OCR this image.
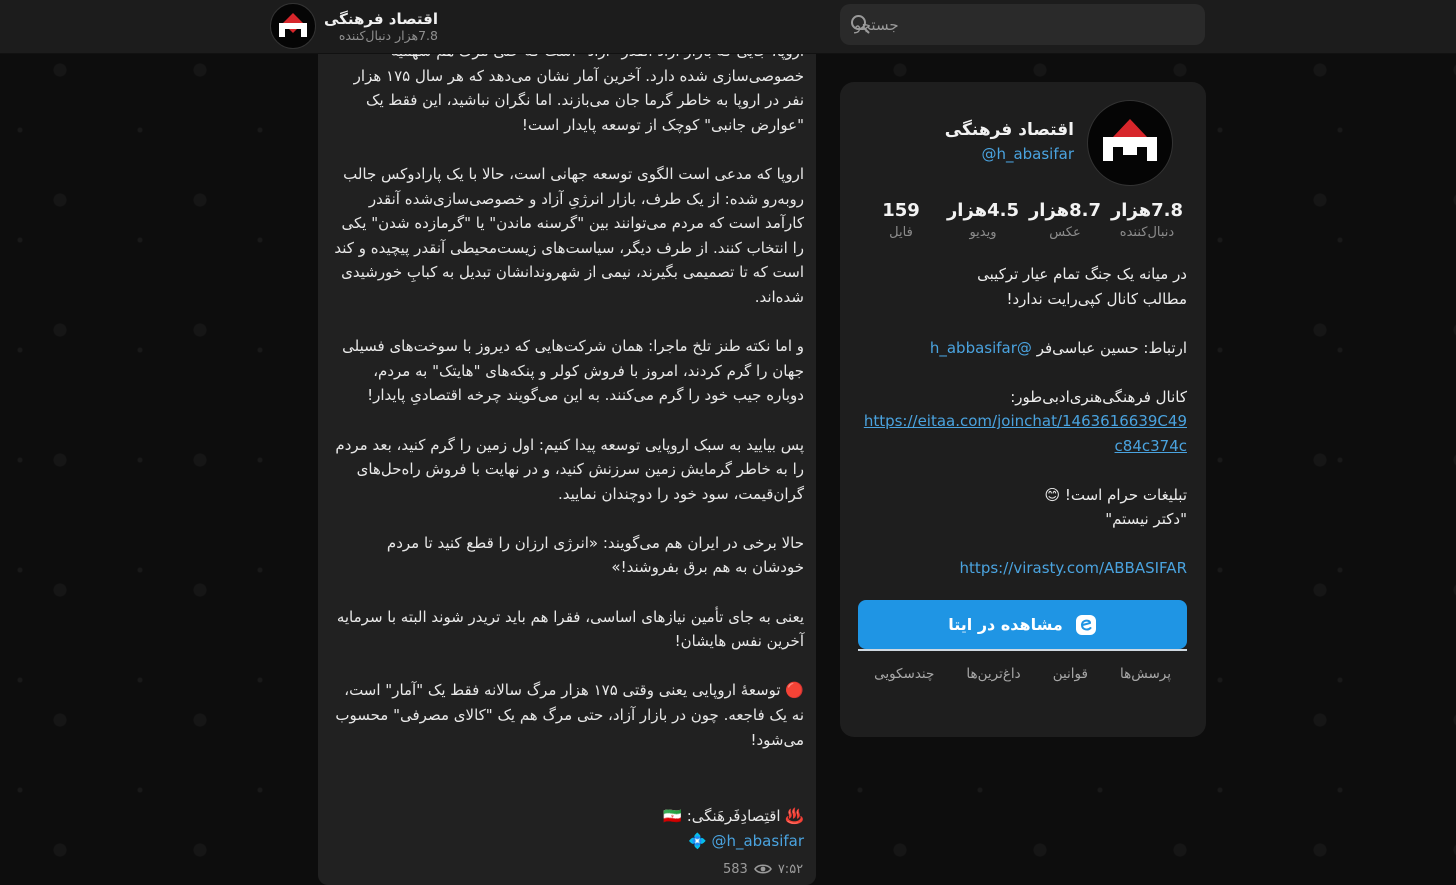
اقتصاد فرهنگی
7.8هزار دنبال‌کننده
جستجو

خصوصی‌سازی شده دارد. آخرین آمار نشان می‌دهد که هر سال ۱۷۵ هزار نفر در اروپا به خاطر گرما جان می‌بازند. اما نگران نباشید، این فقط یک "عوارض جانبی" کوچک از توسعه پایدار است!

اروپا که مدعی است الگوی توسعه جهانی است، حالا با یک پارادوکس جالب روبه‌رو شده: از یک طرف، بازار انرژیِ آزاد و خصوصی‌سازی‌شده آنقدر کارآمد است که مردم می‌توانند بین "گرسنه ماندن" یا "گرمازده شدن" یکی را انتخاب کنند. از طرف دیگر، سیاست‌های زیست‌محیطی آنقدر پیچیده و کند است که تا تصمیمی بگیرند، نیمی از شهروندانشان تبدیل به کبابِ خورشیدی شده‌اند.

و اما نکته طنز تلخ ماجرا: همان شرکت‌هایی که دیروز با سوخت‌های فسیلی جهان را گرم کردند، امروز با فروش کولر و پنکه‌های "هایتک" به مردم، دوباره جیب خود را گرم می‌کنند. به این می‌گویند چرخه اقتصادیِ پایدار!

پس بیایید به سبک اروپایی توسعه پیدا کنیم: اول زمین را گرم کنید، بعد مردم را به خاطر گرمایش زمین سرزنش کنید، و در نهایت با فروش راه‌حل‌های گران‌قیمت، سود خود را دوچندان نمایید.

حالا برخی در ایران هم می‌گویند: «انرژی ارزان را قطع کنید تا مردم خودشان به هم برق بفروشند!»

یعنی به جای تأمین نیازهای اساسی، فقرا هم باید تریدر شوند البته با سرمایه آخرین نفس هایشان!

🔴 توسعهٔ اروپایی یعنی وقتی ۱۷۵ هزار مرگ سالانه فقط یک "آمار" است، نه یک فاجعه. چون در بازار آزاد، حتی مرگ هم یک "کالای مصرفی" محسوب می‌شود!

♨️ اقتِصادِفَرهَنگی: 🇮🇷
💠 @h_abasifar
583 ۷:۵۲
اقتصاد فرهنگی
@h_abasifar
7.8هزار
دنبال‌کننده
8.7هزار
عکس
4.5هزار
ویدیو
159
فایل

در میانه یک جنگ تمام عیار ترکیبی
مطالب کانال کپی‌رایت ندارد!

ارتباط: حسین عباسی‌فر @h_abbasifar

کانال فرهنگی‌هنری‌ادبی‌طور:
https://eitaa.com/joinchat/1463616639C49c84c374c

تبلیغات حرام است! 😊
"دکتر نیستم"

https://virasty.com/ABBASIFAR

مشاهده در ایتا
چندسکویی داغ‌ترین‌ها قوانین پرسش‌ها
